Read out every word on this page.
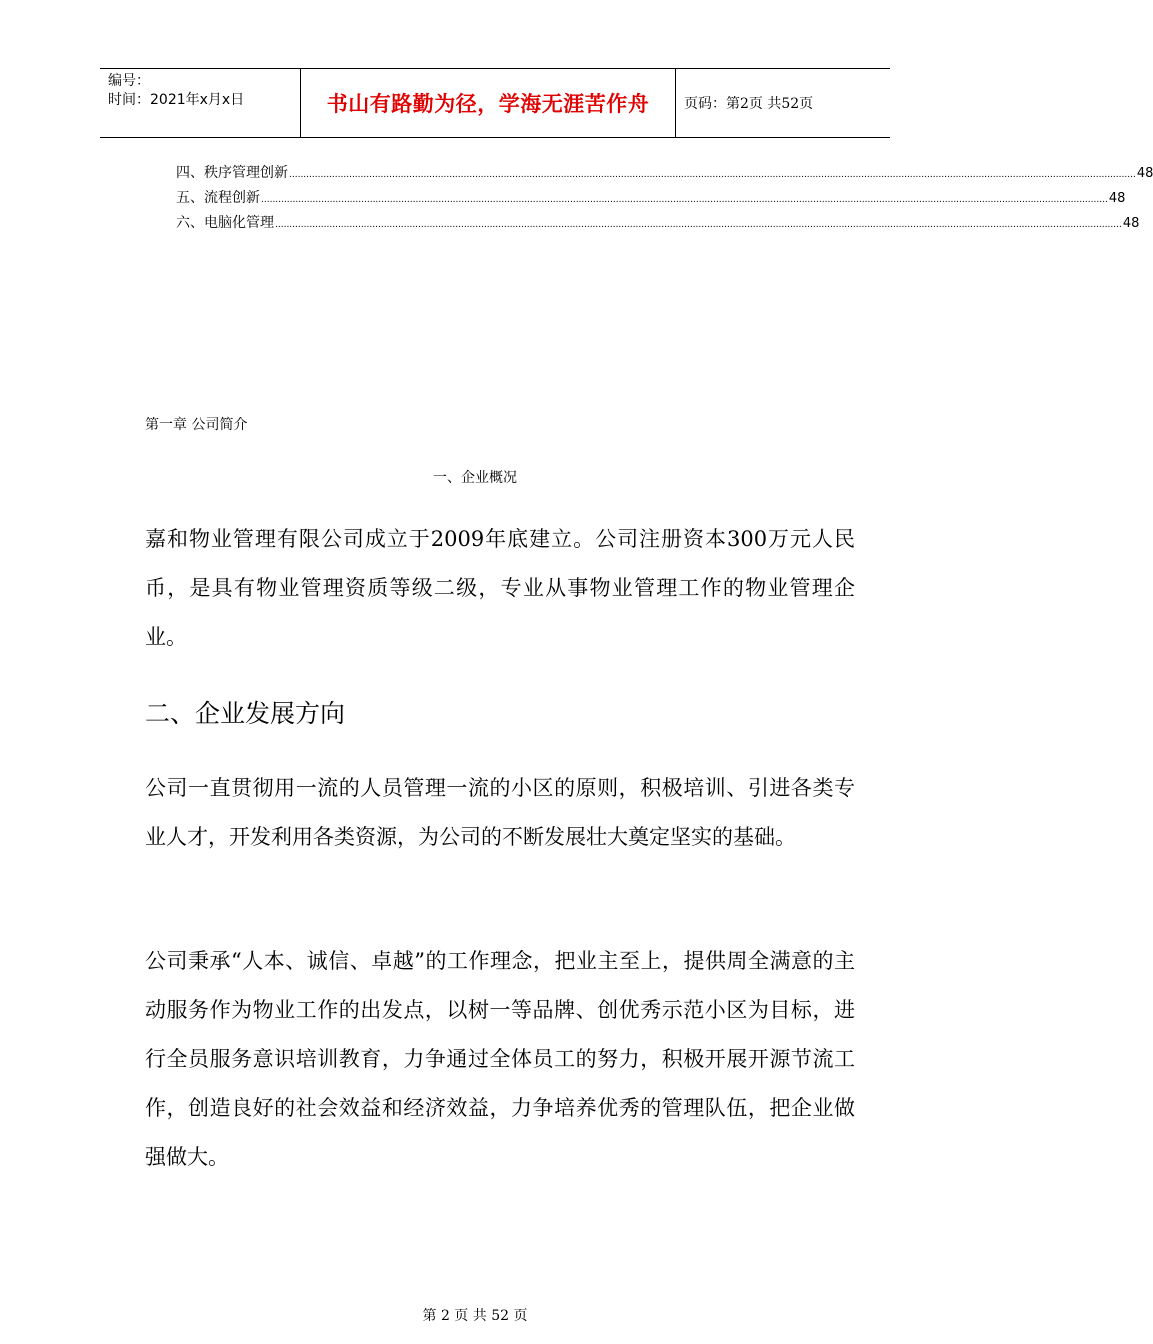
编号：
时间：2021年x月x日	书山有路勤为径，学海无涯苦作舟 页码：第2页 共52页
四、秩序管理创新 ........................................................................................................................................................................................................................................................................................................ 48
五、流程创新 ........................................................................................................................................................................................................................................................................................................ 48
六、电脑化管理 ........................................................................................................................................................................................................................................................................................................ 48
第一章 公司简介
一、企业概况
嘉和物业管理有限公司成立于2009年底建立。公司注册资本300万元人民币，是具有物业管理资质等级二级，专业从事物业管理工作的物业管理企业。
二、企业发展方向
公司一直贯彻用一流的人员管理一流的小区的原则，积极培训、引进各类专业人才，开发利用各类资源，为公司的不断发展壮大奠定坚实的基础。
公司秉承“人本、诚信、卓越”的工作理念，把业主至上，提供周全满意的主动服务作为物业工作的出发点，以树一等品牌、创优秀示范小区为目标，进行全员服务意识培训教育，力争通过全体员工的努力，积极开展开源节流工作，创造良好的社会效益和经济效益，力争培养优秀的管理队伍，把企业做强做大。
第 2 页 共 52 页
